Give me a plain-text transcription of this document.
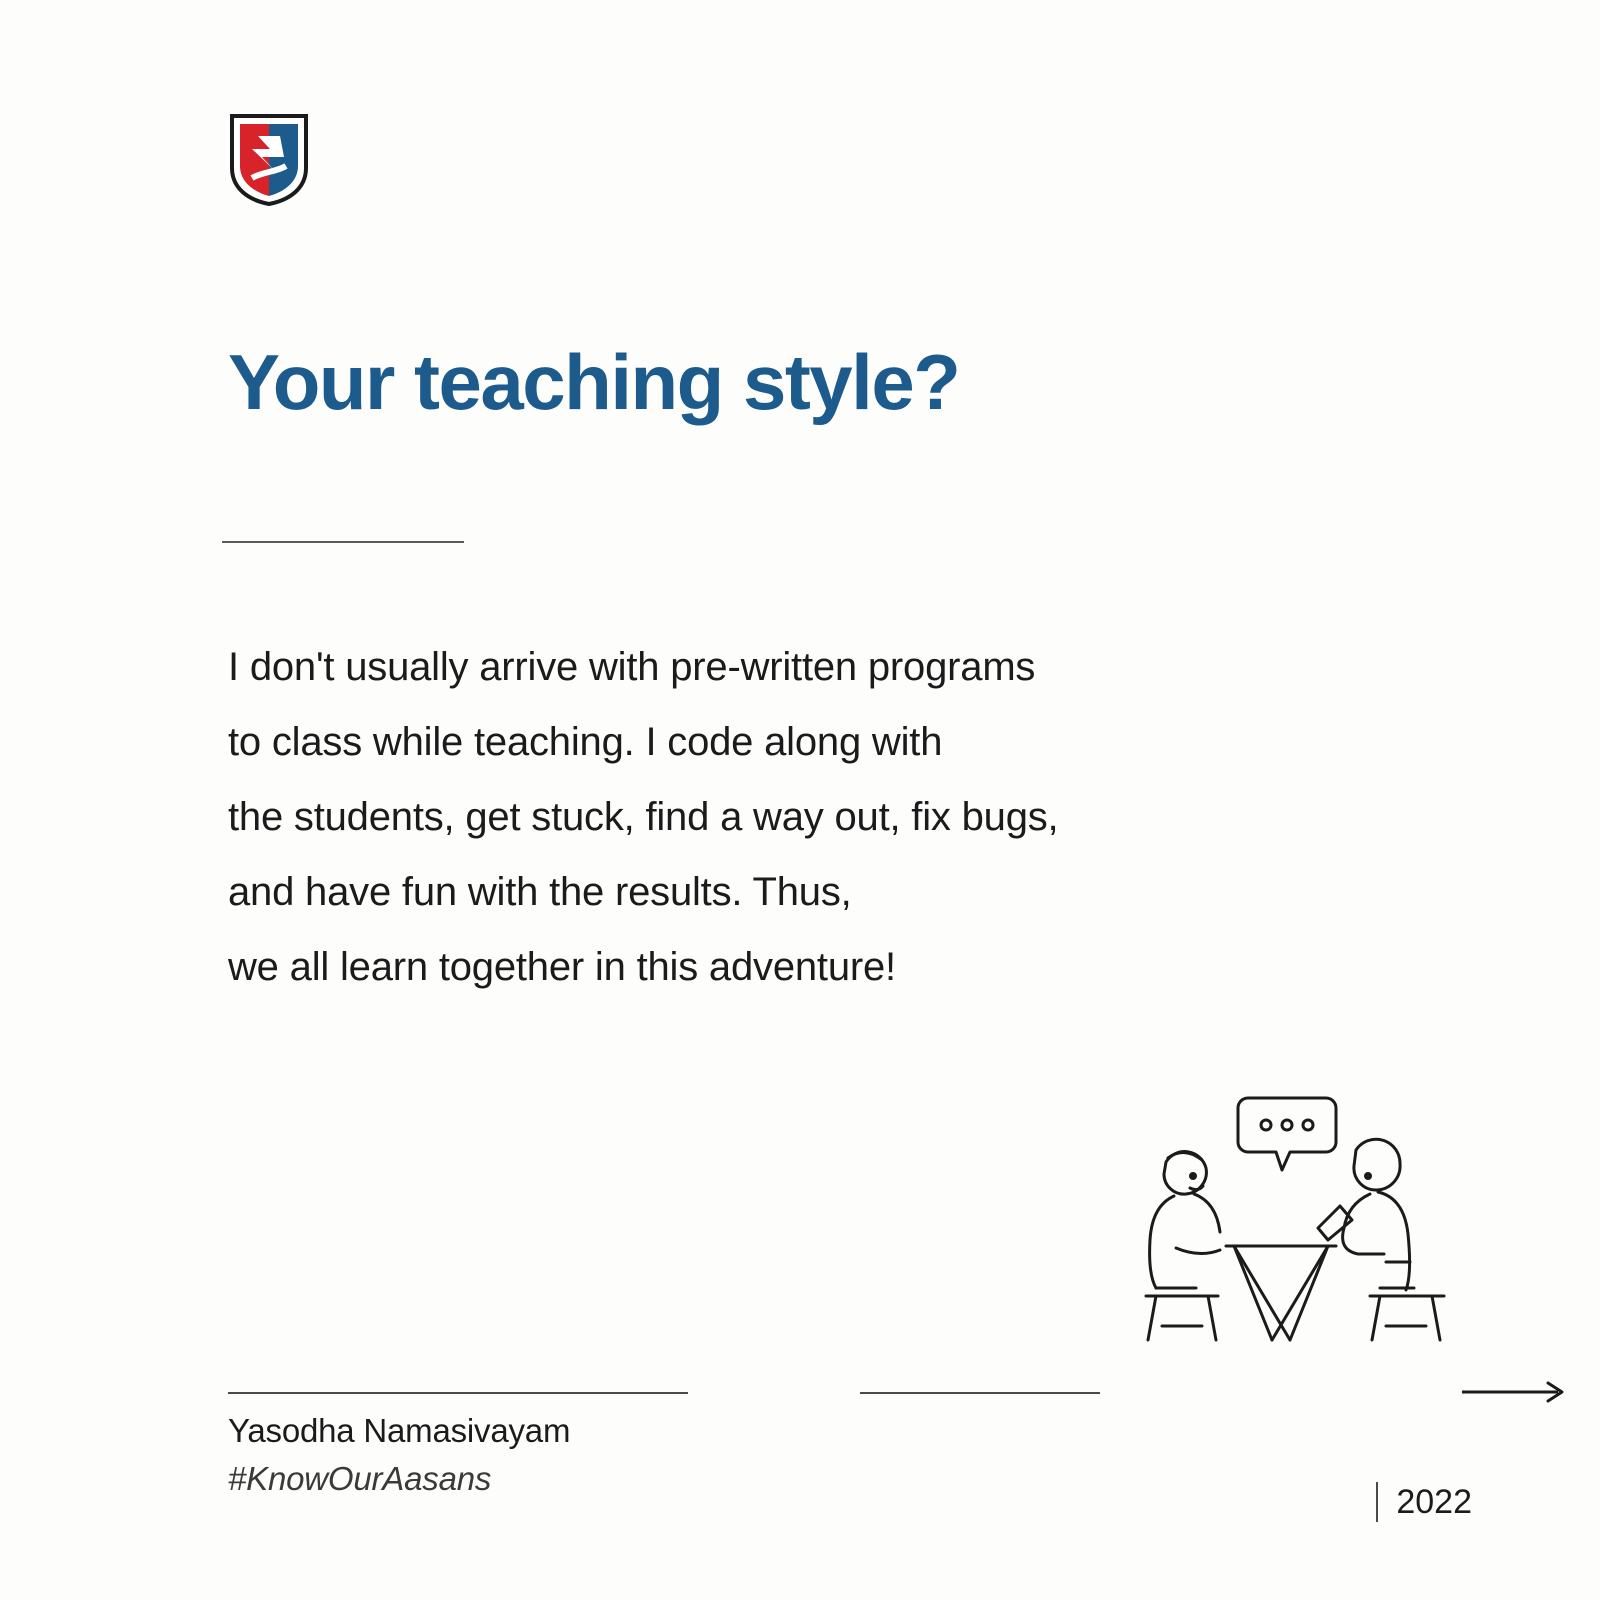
Your teaching style?
I don't usually arrive with pre-written programs
to class while teaching. I code along with
the students, get stuck, find a way out, fix bugs,
and have fun with the results. Thus,
we all learn together in this adventure!
Yasodha Namasivayam
#KnowOurAasans
2022
